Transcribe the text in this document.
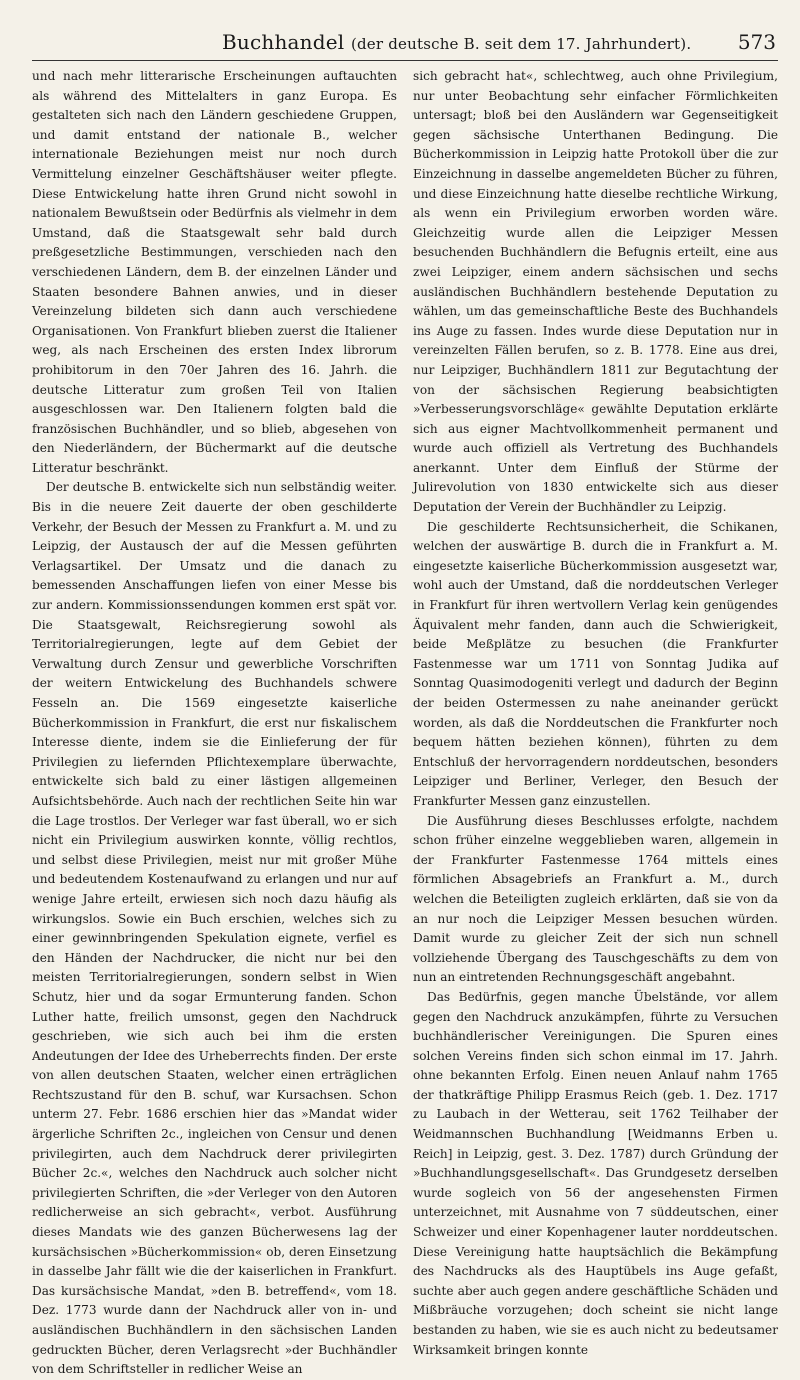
Buchhandel (der deutsche B. seit dem 17. Jahrhundert). 573

und nach mehr litterarische Erscheinungen auftauchten als während des Mittelalters in ganz Europa. Es gestalteten sich nach den Ländern geschiedene Gruppen, und damit entstand der nationale B., welcher internationale Beziehungen meist nur noch durch Vermittelung einzelner Geschäftshäuser weiter pflegte. Diese Entwickelung hatte ihren Grund nicht sowohl in nationalem Bewußtsein oder Bedürfnis als vielmehr in dem Umstand, daß die Staatsgewalt sehr bald durch preßgesetzliche Bestimmungen, verschieden nach den verschiedenen Ländern, dem B. der einzelnen Länder und Staaten besondere Bahnen anwies, und in dieser Vereinzelung bildeten sich dann auch verschiedene Organisationen. Von Frankfurt blieben zuerst die Italiener weg, als nach Erscheinen des ersten Index librorum prohibitorum in den 70er Jahren des 16. Jahrh. die deutsche Litteratur zum großen Teil von Italien ausgeschlossen war. Den Italienern folgten bald die französischen Buchhändler, und so blieb, abgesehen von den Niederländern, der Büchermarkt auf die deutsche Litteratur beschränkt.

Der deutsche B. entwickelte sich nun selbständig weiter. Bis in die neuere Zeit dauerte der oben geschilderte Verkehr, der Besuch der Messen zu Frankfurt a. M. und zu Leipzig, der Austausch der auf die Messen geführten Verlagsartikel. Der Umsatz und die danach zu bemessenden Anschaffungen liefen von einer Messe bis zur andern. Kommissionssendungen kommen erst spät vor. Die Staatsgewalt, Reichsregierung sowohl als Territorialregierungen, legte auf dem Gebiet der Verwaltung durch Zensur und gewerbliche Vorschriften der weitern Entwickelung des Buchhandels schwere Fesseln an. Die 1569 eingesetzte kaiserliche Bücherkommission in Frankfurt, die erst nur fiskalischem Interesse diente, indem sie die Einlieferung der für Privilegien zu liefernden Pflichtexemplare überwachte, entwickelte sich bald zu einer lästigen allgemeinen Aufsichtsbehörde. Auch nach der rechtlichen Seite hin war die Lage trostlos. Der Verleger war fast überall, wo er sich nicht ein Privilegium auswirken konnte, völlig rechtlos, und selbst diese Privilegien, meist nur mit großer Mühe und bedeutendem Kostenaufwand zu erlangen und nur auf wenige Jahre erteilt, erwiesen sich noch dazu häufig als wirkungslos. Sowie ein Buch erschien, welches sich zu einer gewinnbringenden Spekulation eignete, verfiel es den Händen der Nachdrucker, die nicht nur bei den meisten Territorialregierungen, sondern selbst in Wien Schutz, hier und da sogar Ermunterung fanden. Schon Luther hatte, freilich umsonst, gegen den Nachdruck geschrieben, wie sich auch bei ihm die ersten Andeutungen der Idee des Urheberrechts finden. Der erste von allen deutschen Staaten, welcher einen erträglichen Rechtszustand für den B. schuf, war Kursachsen. Schon unterm 27. Febr. 1686 erschien hier das »Mandat wider ärgerliche Schriften 2c., ingleichen von Censur und denen privilegirten, auch dem Nachdruck derer privilegirten Bücher 2c.«, welches den Nachdruck auch solcher nicht privilegierten Schriften, die »der Verleger von den Autoren redlicherweise an sich gebracht«, verbot. Ausführung dieses Mandats wie des ganzen Bücherwesens lag der kursächsischen »Bücherkommission« ob, deren Einsetzung in dasselbe Jahr fällt wie die der kaiserlichen in Frankfurt. Das kursächsische Mandat, »den B. betreffend«, vom 18. Dez. 1773 wurde dann der Nachdruck aller von in- und ausländischen Buchhändlern in den sächsischen Landen gedruckten Bücher, deren Verlagsrecht »der Buchhändler von dem Schriftsteller in redlicher Weise an

sich gebracht hat«, schlechtweg, auch ohne Privilegium, nur unter Beobachtung sehr einfacher Förmlichkeiten untersagt; bloß bei den Ausländern war Gegenseitigkeit gegen sächsische Unterthanen Bedingung. Die Bücherkommission in Leipzig hatte Protokoll über die zur Einzeichnung in dasselbe angemeldeten Bücher zu führen, und diese Einzeichnung hatte dieselbe rechtliche Wirkung, als wenn ein Privilegium erworben worden wäre. Gleichzeitig wurde allen die Leipziger Messen besuchenden Buchhändlern die Befugnis erteilt, eine aus zwei Leipziger, einem andern sächsischen und sechs ausländischen Buchhändlern bestehende Deputation zu wählen, um das gemeinschaftliche Beste des Buchhandels ins Auge zu fassen. Indes wurde diese Deputation nur in vereinzelten Fällen berufen, so z. B. 1778. Eine aus drei, nur Leipziger, Buchhändlern 1811 zur Begutachtung der von der sächsischen Regierung beabsichtigten »Verbesserungsvorschläge« gewählte Deputation erklärte sich aus eigner Machtvollkommenheit permanent und wurde auch offiziell als Vertretung des Buchhandels anerkannt. Unter dem Einfluß der Stürme der Julirevolution von 1830 entwickelte sich aus dieser Deputation der Verein der Buchhändler zu Leipzig.

Die geschilderte Rechtsunsicherheit, die Schikanen, welchen der auswärtige B. durch die in Frankfurt a. M. eingesetzte kaiserliche Bücherkommission ausgesetzt war, wohl auch der Umstand, daß die norddeutschen Verleger in Frankfurt für ihren wertvollern Verlag kein genügendes Äquivalent mehr fanden, dann auch die Schwierigkeit, beide Meßplätze zu besuchen (die Frankfurter Fastenmesse war um 1711 von Sonntag Judika auf Sonntag Quasimodogeniti verlegt und dadurch der Beginn der beiden Ostermessen zu nahe aneinander gerückt worden, als daß die Norddeutschen die Frankfurter noch bequem hätten beziehen können), führten zu dem Entschluß der hervorragendern norddeutschen, besonders Leipziger und Berliner, Verleger, den Besuch der Frankfurter Messen ganz einzustellen.

Die Ausführung dieses Beschlusses erfolgte, nachdem schon früher einzelne weggeblieben waren, allgemein in der Frankfurter Fastenmesse 1764 mittels eines förmlichen Absagebriefs an Frankfurt a. M., durch welchen die Beteiligten zugleich erklärten, daß sie von da an nur noch die Leipziger Messen besuchen würden. Damit wurde zu gleicher Zeit der sich nun schnell vollziehende Übergang des Tauschgeschäfts zu dem von nun an eintretenden Rechnungsgeschäft angebahnt.

Das Bedürfnis, gegen manche Übelstände, vor allem gegen den Nachdruck anzukämpfen, führte zu Versuchen buchhändlerischer Vereinigungen. Die Spuren eines solchen Vereins finden sich schon einmal im 17. Jahrh. ohne bekannten Erfolg. Einen neuen Anlauf nahm 1765 der thatkräftige Philipp Erasmus Reich (geb. 1. Dez. 1717 zu Laubach in der Wetterau, seit 1762 Teilhaber der Weidmannschen Buchhandlung [Weidmanns Erben u. Reich] in Leipzig, gest. 3. Dez. 1787) durch Gründung der »Buchhandlungsgesellschaft«. Das Grundgesetz derselben wurde sogleich von 56 der angesehensten Firmen unterzeichnet, mit Ausnahme von 7 süddeutschen, einer Schweizer und einer Kopenhagener lauter norddeutschen. Diese Vereinigung hatte hauptsächlich die Bekämpfung des Nachdrucks als des Hauptübels ins Auge gefaßt, suchte aber auch gegen andere geschäftliche Schäden und Mißbräuche vorzugehen; doch scheint sie nicht lange bestanden zu haben, wie sie es auch nicht zu bedeutsamer Wirksamkeit bringen konnte
